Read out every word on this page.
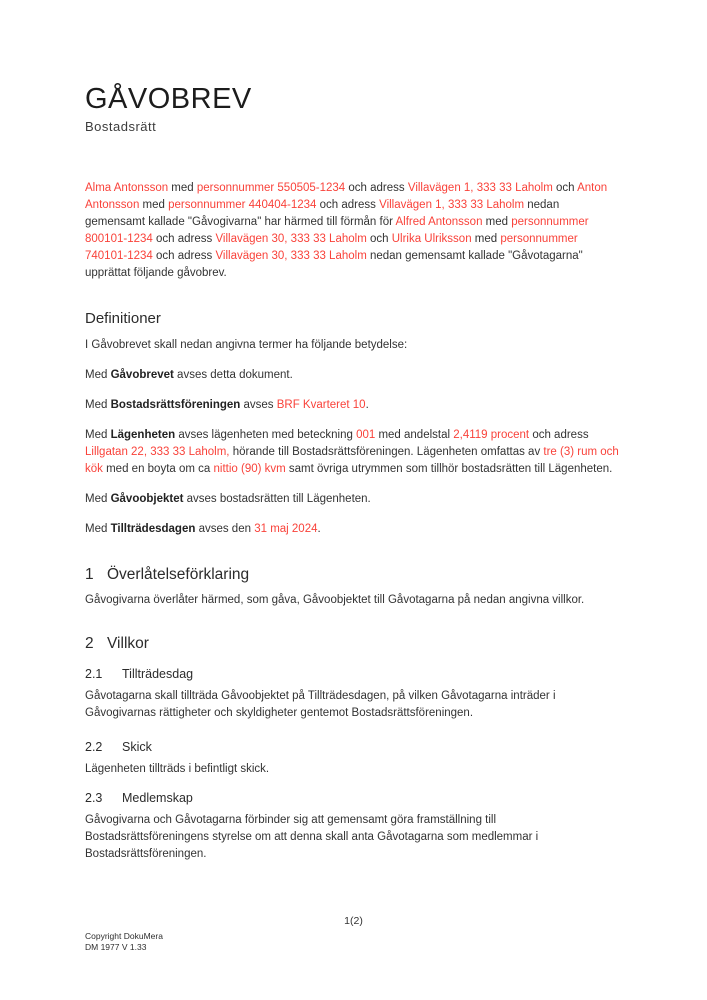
GÅVOBREV

Bostadsrätt

Alma Antonsson med personnummer 550505-1234 och adress Villavägen 1, 333 33 Laholm och Anton Antonsson med personnummer 440404-1234 och adress Villavägen 1, 333 33 Laholm nedan gemensamt kallade "Gåvogivarna" har härmed till förmån för Alfred Antonsson med personnummer 800101-1234 och adress Villavägen 30, 333 33 Laholm och Ulrika Ulriksson med personnummer 740101-1234 och adress Villavägen 30, 333 33 Laholm nedan gemensamt kallade "Gåvotagarna" upprättat följande gåvobrev.

Definitioner

I Gåvobrevet skall nedan angivna termer ha följande betydelse:

Med Gåvobrevet avses detta dokument.

Med Bostadsrättsföreningen avses BRF Kvarteret 10.

Med Lägenheten avses lägenheten med beteckning 001 med andelstal 2,4119 procent och adress Lillgatan 22, 333 33 Laholm, hörande till Bostadsrättsföreningen. Lägenheten omfattas av tre (3) rum och kök med en boyta om ca nittio (90) kvm samt övriga utrymmen som tillhör bostadsrätten till Lägenheten.

Med Gåvoobjektet avses bostadsrätten till Lägenheten.

Med Tillträdesdagen avses den 31 maj 2024.

1 Överlåtelseförklaring

Gåvogivarna överlåter härmed, som gåva, Gåvoobjektet till Gåvotagarna på nedan angivna villkor.

2 Villkor
2.1 Tillträdesdag

Gåvotagarna skall tillträda Gåvoobjektet på Tillträdesdagen, på vilken Gåvotagarna inträder i Gåvogivarnas rättigheter och skyldigheter gentemot Bostadsrättsföreningen.

2.2 Skick

Lägenheten tillträds i befintligt skick.

2.3 Medlemskap

Gåvogivarna och Gåvotagarna förbinder sig att gemensamt göra framställning till Bostadsrättsföreningens styrelse om att denna skall anta Gåvotagarna som medlemmar i Bostadsrättsföreningen.

1(2)
Copyright DokuMera
DM 1977 V 1.33
